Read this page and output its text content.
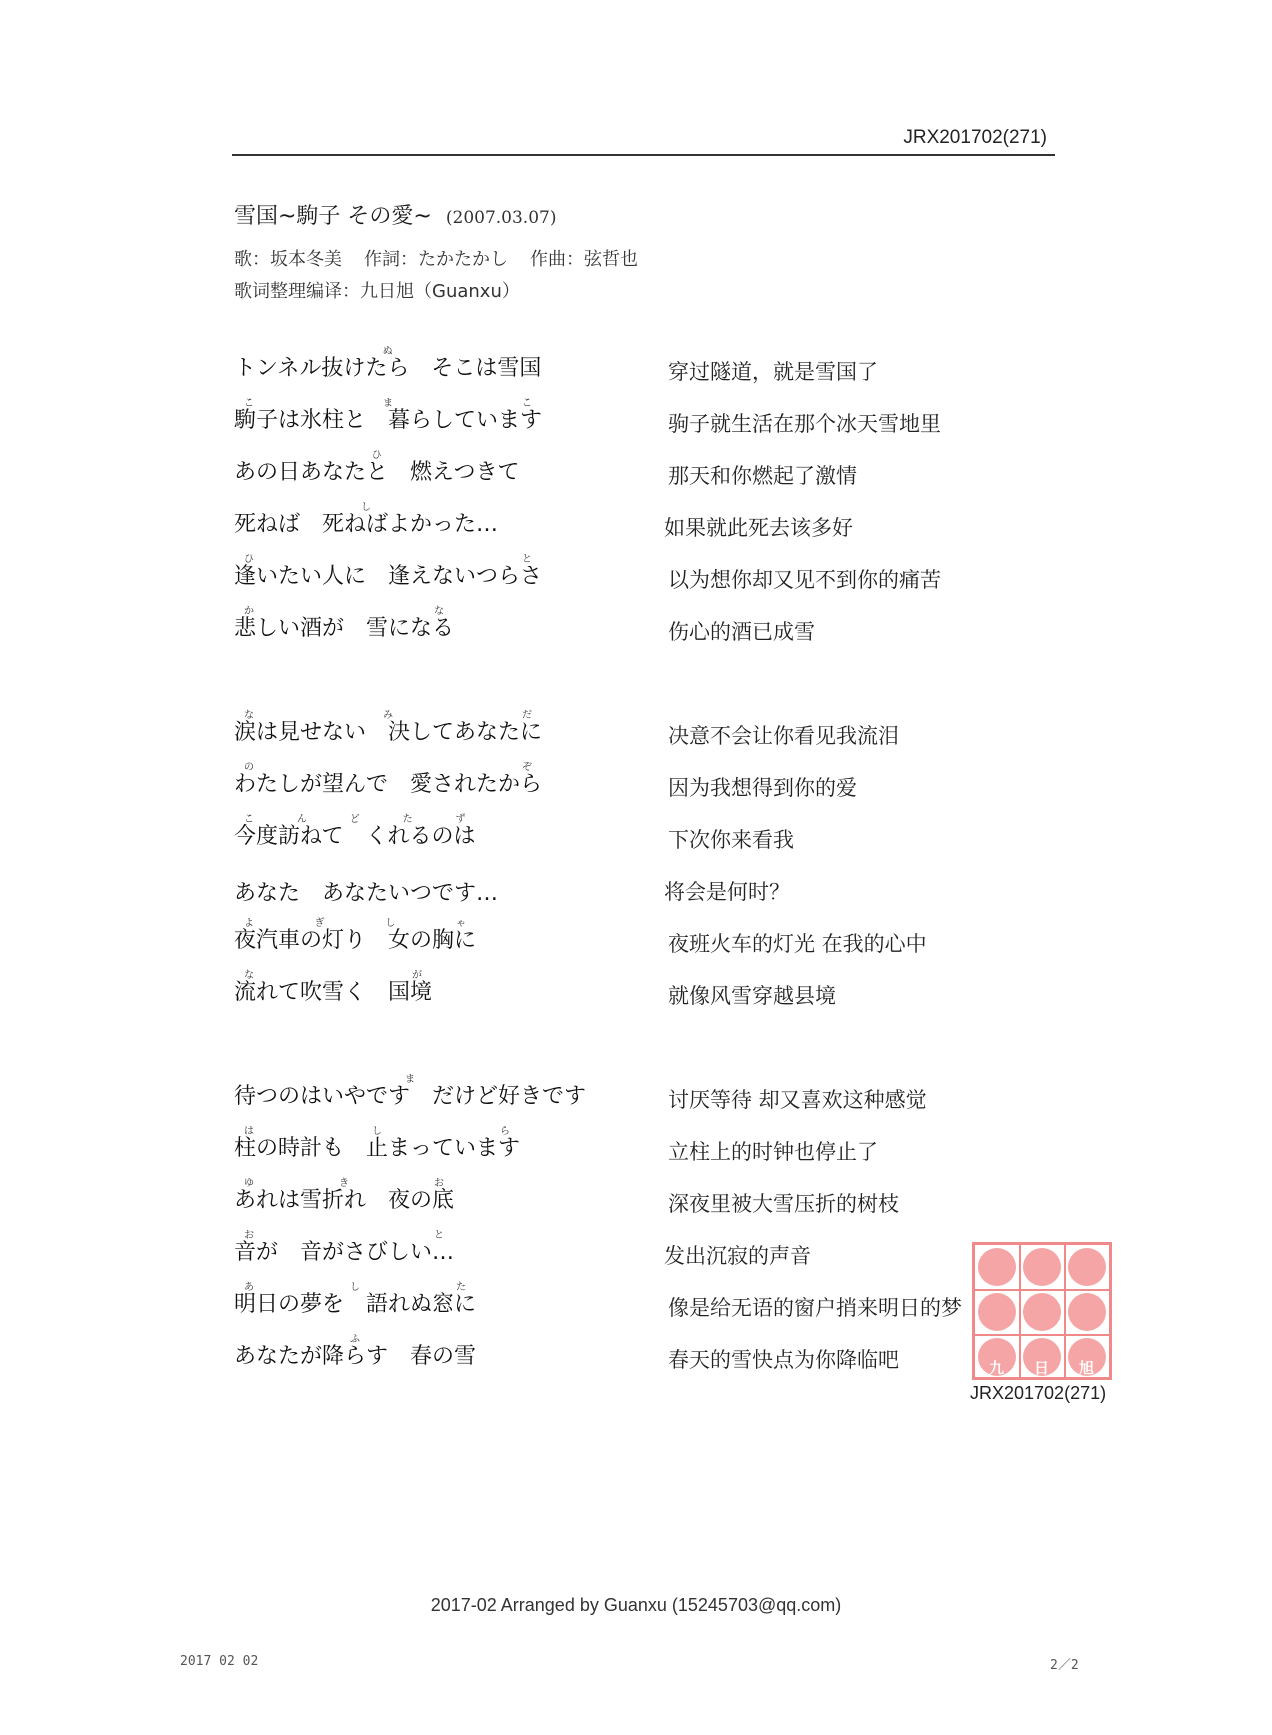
JRX201702(271)
雪国~駒子 その愛~ (2007.03.07)
歌：坂本冬美 作詞：たかたかし 作曲：弦哲也
歌词整理编译：九日旭（Guanxu）
トンネル抜けたら　そこは雪国ぬ
駒子は氷柱と　暮らしていますこまこ
あの日あなたと　燃えつきてひ
死ねば　死ねばよかった…し
逢いたい人に　逢えないつらさひと
悲しい酒が　雪になるかな
穿过隧道，就是雪国了
驹子就生活在那个冰天雪地里
那天和你燃起了激情
如果就此死去该多好
以为想你却又见不到你的痛苦
伤心的酒已成雪
涙は見せない　決してあなたになみだ
わたしが望んで　愛されたからのぞ
今度訪ねて　くれるのはこんどたず
あなた　あなたいつです…
夜汽車の灯り　女の胸によぎしゃ
流れて吹雪く　国境なが
决意不会让你看见我流泪
因为我想得到你的爱
下次你来看我
将会是何时？
夜班火车的灯光 在我的心中
就像风雪穿越县境
待つのはいやです　だけど好きですま
柱の時計も　止まっていますはしら
あれは雪折れ　夜の底ゆきお
音が　音がさびしい…おと
明日の夢を　語れぬ窓にあした
あなたが降らす　春の雪ふ
讨厌等待 却又喜欢这种感觉
立柱上的时钟也停止了
深夜里被大雪压折的树枝
发出沉寂的声音
像是给无语的窗户捎来明日的梦
春天的雪快点为你降临吧	九 日 旭
JRX201702(271)
2017-02 Arranged by Guanxu (15245703@qq.com)
2017 02 02	2／2
